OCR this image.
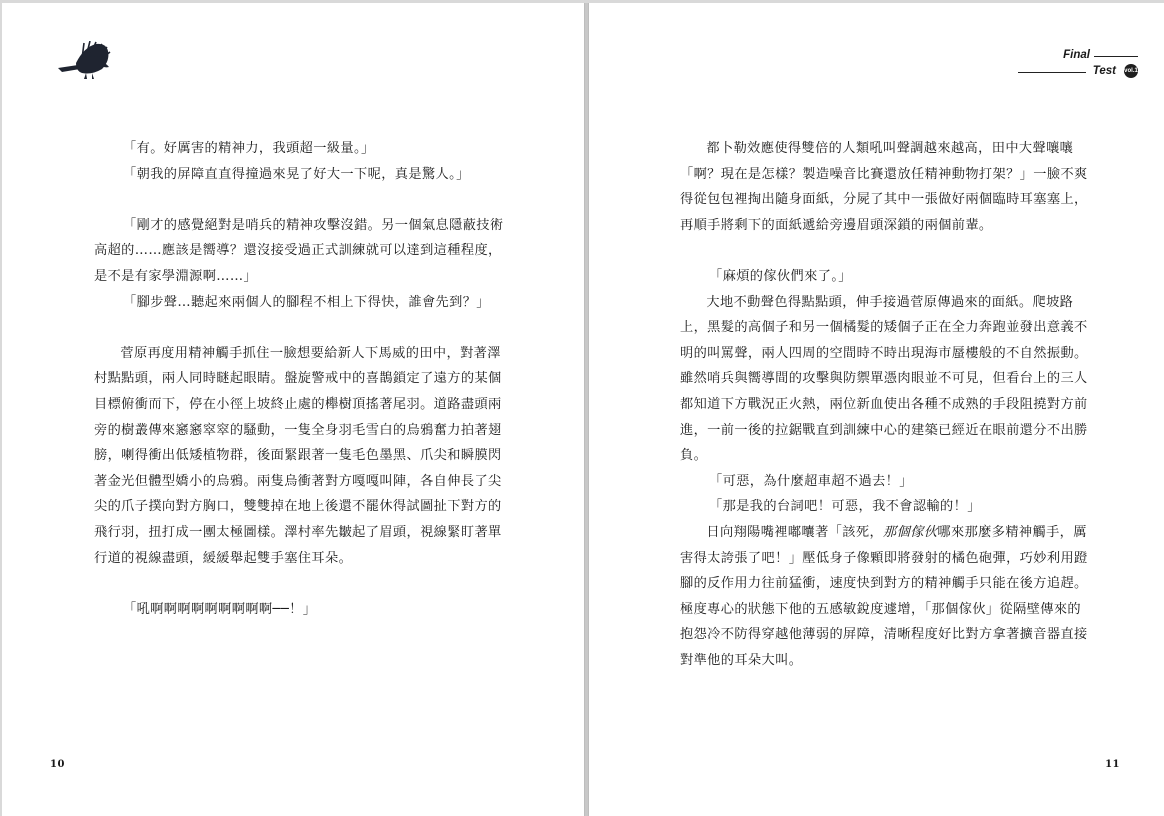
「有。好厲害的精神力，我頭超一級量。」

「朝我的屏障直直得撞過來晃了好大一下呢，真是驚人。」

「剛才的感覺絕對是哨兵的精神攻擊沒錯。另一個氣息隱蔽技術

高超的……應該是嚮導？還沒接受過正式訓練就可以達到這種程度，

是不是有家學淵源啊……」

「腳步聲…聽起來兩個人的腳程不相上下得快，誰會先到？」

菅原再度用精神觸手抓住一臉想要給新人下馬威的田中，對著澤

村點點頭，兩人同時瞇起眼睛。盤旋警戒中的喜鵲鎖定了遠方的某個

目標俯衝而下，停在小徑上坡終止處的櫸樹頂搖著尾羽。道路盡頭兩

旁的樹叢傳來窸窸窣窣的騷動，一隻全身羽毛雪白的烏鴉奮力拍著翅

膀，喇得衝出低矮植物群，後面緊跟著一隻毛色墨黑、爪尖和瞬膜閃

著金光但體型嬌小的烏鴉。兩隻烏衝著對方嘎嘎叫陣，各自伸長了尖

尖的爪子撲向對方胸口，雙雙掉在地上後還不罷休得試圖扯下對方的

飛行羽，扭打成一團太極圖樣。澤村率先皺起了眉頭，視線緊盯著單

行道的視線盡頭，緩緩舉起雙手塞住耳朵。

「吼啊啊啊啊啊啊啊啊啊──！」

10
Final
Test vol.1

都卜勒效應使得雙倍的人類吼叫聲調越來越高，田中大聲嚷嚷

「啊？現在是怎樣？製造噪音比賽還放任精神動物打架？」一臉不爽

得從包包裡掏出隨身面紙，分屍了其中一張做好兩個臨時耳塞塞上，

再順手將剩下的面紙遞給旁邊眉頭深鎖的兩個前輩。

「麻煩的傢伙們來了。」

大地不動聲色得點點頭，伸手接過菅原傳過來的面紙。爬坡路

上，黑髮的高個子和另一個橘髮的矮個子正在全力奔跑並發出意義不

明的叫罵聲，兩人四周的空間時不時出現海市蜃樓般的不自然振動。

雖然哨兵與嚮導間的攻擊與防禦單憑肉眼並不可見，但看台上的三人

都知道下方戰況正火熱，兩位新血使出各種不成熟的手段阻撓對方前

進，一前一後的拉鋸戰直到訓練中心的建築已經近在眼前還分不出勝

負。

「可惡，為什麼超車超不過去！」

「那是我的台詞吧！可惡，我不會認輸的！」

日向翔陽嘴裡嘟囔著「該死，那個傢伙哪來那麼多精神觸手，厲

害得太誇張了吧！」壓低身子像顆即將發射的橘色砲彈，巧妙利用蹬

腳的反作用力往前猛衝，速度快到對方的精神觸手只能在後方追趕。

極度專心的狀態下他的五感敏銳度遽增，「那個傢伙」從隔壁傳來的

抱怨冷不防得穿越他薄弱的屏障，清晰程度好比對方拿著擴音器直接

對準他的耳朵大叫。

11
